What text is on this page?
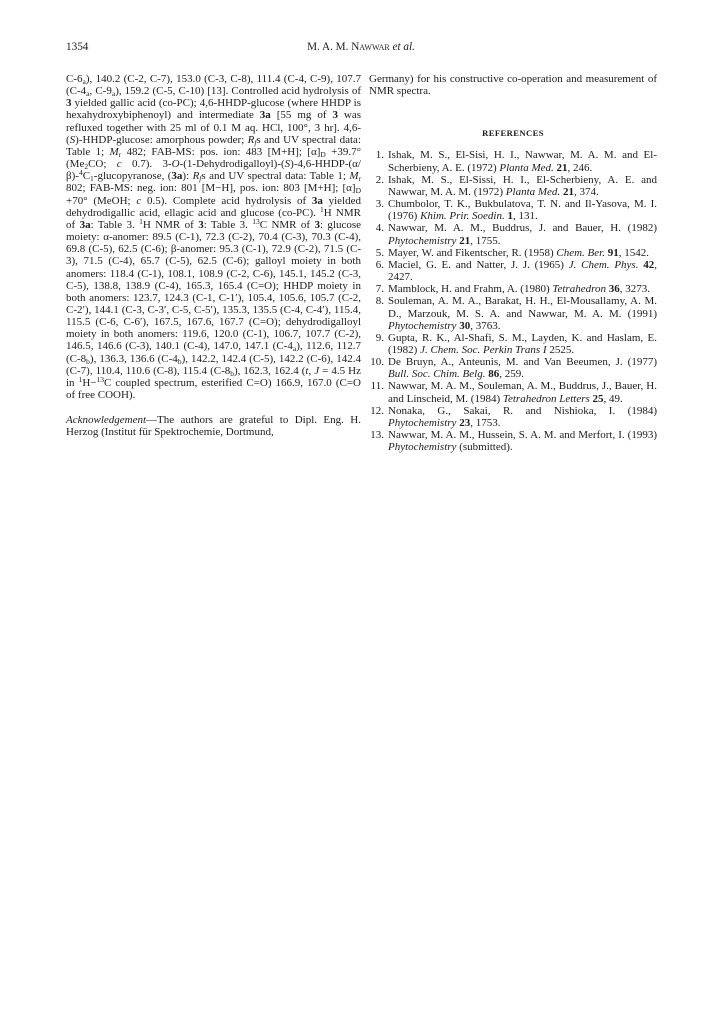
1354	M. A. M. Nawwar et al.

$C-6_a$), 140.2 (C-2, C-7), 153.0 (C-3, C-8), 111.4 (C-4, C-9), 107.7 ($C-4_a$, $C-9_a$), 159.2 (C-5, C-10) [13]. Controlled acid hydrolysis of 3 yielded gallic acid (co-PC); 4,6-HHDP-glucose (where HHDP is hexahydroxybiphenoyl) and intermediate 3a [55 mg of 3 was refluxed together with 25 ml of 0.1 M aq. HCl, 100°, 3 hr]. 4,6-(S)-HHDP-glucose: amorphous powder; $R_fs$ and UV spectral data: Table 1; $M_r$ 482; FAB-MS: pos. ion: 483 [M+H]; $[\alpha]_D +39.7^\circ$ ($Me_2CO$; c 0.7). $3-O-(1-Dehydrodigalloyl)-(S)-4,6-HHDP-(\alpha/\beta)-^4C_1$-glucopyranose, (3a): $R_fs$ and UV spectral data: Table 1; $M_r$ 802; FAB-MS: neg. ion: 801 [M−H], pos. ion: 803 [M+H]; $[\alpha]_D +70^\circ$ (MeOH; c 0.5). Complete acid hydrolysis of 3a yielded dehydrodigallic acid, ellagic acid and glucose (co-PC). $^1$H NMR of 3a: Table 3. $^1$H NMR of 3: Table 3. $^{13}$C NMR of 3: glucose moiety: α-anomer: 89.5 (C-1), 72.3 (C-2), 70.4 (C-3), 70.3 (C-4), 69.8 (C-5), 62.5 (C-6); β-anomer: 95.3 (C-1), 72.9 (C-2), 71.5 (C-3), 71.5 (C-4), 65.7 (C-5), 62.5 (C-6); galloyl moiety in both anomers: 118.4 (C-1), 108.1, 108.9 (C-2, C-6), 145.1, 145.2 (C-3, C-5), 138.8, 138.9 (C-4), 165.3, 165.4 (C=O); HHDP moiety in both anomers: 123.7, 124.3 (C-1, C-1′), 105.4, 105.6, 105.7 (C-2, C-2′), 144.1 (C-3, C-3′, C-5, C-5′), 135.3, 135.5 (C-4, C-4′), 115.4, 115.5 (C-6, C-6′), 167.5, 167.6, 167.7 (C=O); dehydrodigalloyl moiety in both anomers: 119.6, 120.0 (C-1), 106.7, 107.7 (C-2), 146.5, 146.6 (C-3), 140.1 (C-4), 147.0, 147.1 $(C-4_a)$, 112.6, 112.7 $(C-8_b)$, 136.3, 136.6 $(C-4_b)$, 142.2, 142.4 (C-5), 142.2 (C-6), 142.4 (C-7), 110.4, 110.6 (C-8), 115.4 $(C-8_b)$, 162.3, 162.4 (t, J = 4.5 Hz in $^1$H−$^{13}$C coupled spectrum, esterified C=O) 166.9, 167.0 (C=O of free COOH).

Acknowledgement—The authors are grateful to Dipl. Eng. H. Herzog (Institut für Spektrochemie, Dortmund,

Germany) for his constructive co-operation and measurement of NMR spectra.

REFERENCES
1. Ishak, M. S., El-Sisi, H. I., Nawwar, M. A. M. and El-Scherbieny, A. E. (1972) Planta Med. 21, 246.
2. Ishak, M. S., El-Sissi, H. I., El-Scherbieny, A. E. and Nawwar, M. A. M. (1972) Planta Med. 21, 374.
3. Chumbolor, T. K., Bukbulatova, T. N. and Il-Yasova, M. I. (1976) Khim. Prir. Soedin. 1, 131.
4. Nawwar, M. A. M., Buddrus, J. and Bauer, H. (1982) Phytochemistry 21, 1755.
5. Mayer, W. and Fikentscher, R. (1958) Chem. Ber. 91, 1542.
6. Maciel, G. E. and Natter, J. J. (1965) J. Chem. Phys. 42, 2427.
7. Mamblock, H. and Frahm, A. (1980) Tetrahedron 36, 3273.
8. Souleman, A. M. A., Barakat, H. H., El-Mousallamy, A. M. D., Marzouk, M. S. A. and Nawwar, M. A. M. (1991) Phytochemistry 30, 3763.
9. Gupta, R. K., Al-Shafi, S. M., Layden, K. and Haslam, E. (1982) J. Chem. Soc. Perkin Trans I 2525.
10. De Bruyn, A., Anteunis, M. and Van Beeumen, J. (1977) Bull. Soc. Chim. Belg. 86, 259.
11. Nawwar, M. A. M., Souleman, A. M., Buddrus, J., Bauer, H. and Linscheid, M. (1984) Tetrahedron Letters 25, 49.
12. Nonaka, G., Sakai, R. and Nishioka, I. (1984) Phytochemistry 23, 1753.
13. Nawwar, M. A. M., Hussein, S. A. M. and Merfort, I. (1993) Phytochemistry (submitted).
